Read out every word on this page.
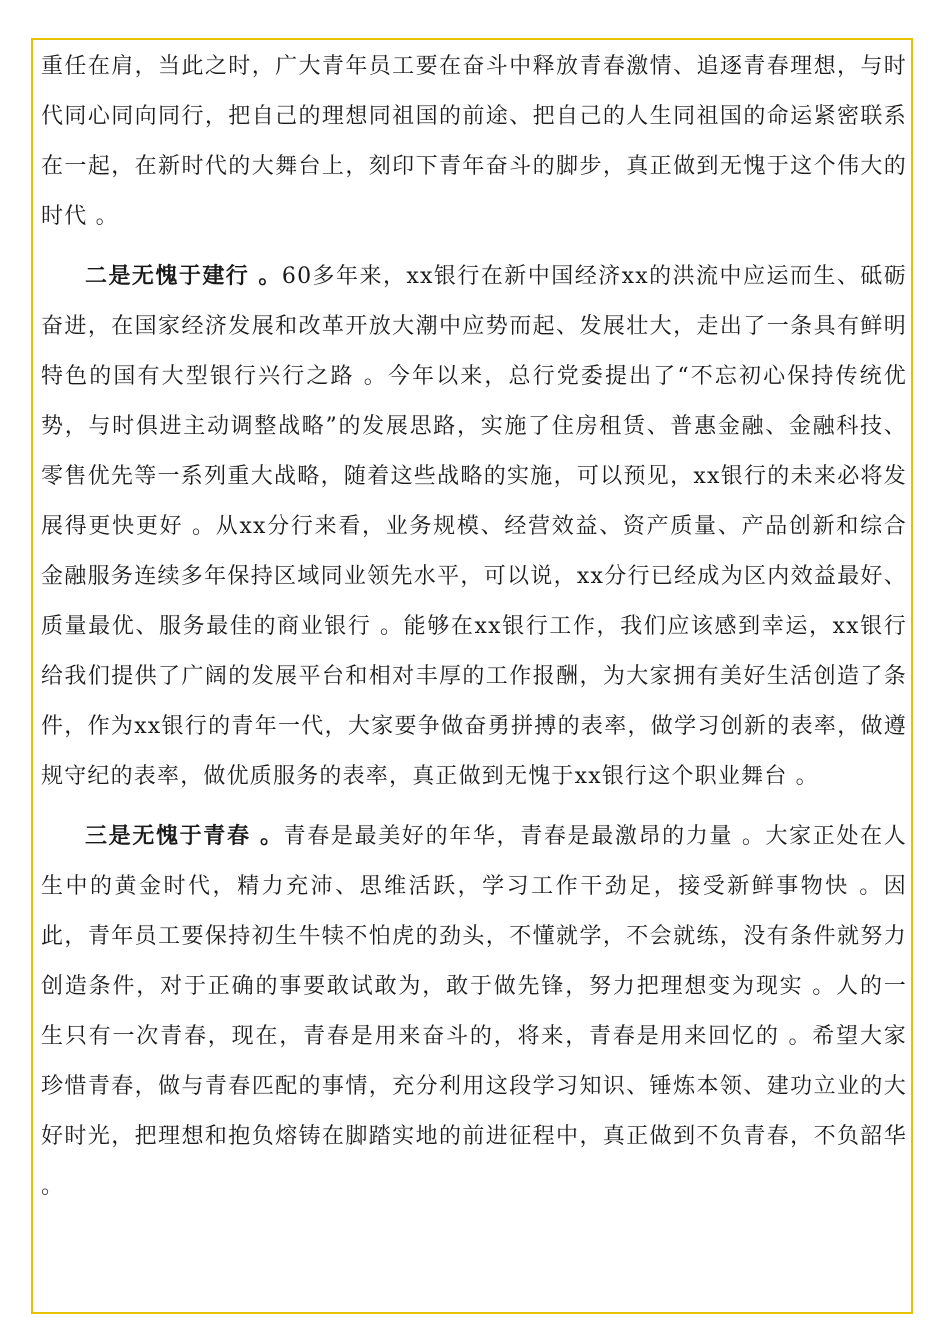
重任在肩，当此之时，广大青年员工要在奋斗中释放青春激情、追逐青春理想，与时代同心同向同行，把自己的理想同祖国的前途、把自己的人生同祖国的命运紧密联系在一起，在新时代的大舞台上，刻印下青年奋斗的脚步，真正做到无愧于这个伟大的时代 。

二是无愧于建行 。60多年来，xx银行在新中国经济xx的洪流中应运而生、砥砺奋进，在国家经济发展和改革开放大潮中应势而起、发展壮大，走出了一条具有鲜明特色的国有大型银行兴行之路 。今年以来，总行党委提出了“不忘初心保持传统优势，与时俱进主动调整战略”的发展思路，实施了住房租赁、普惠金融、金融科技、零售优先等一系列重大战略，随着这些战略的实施，可以预见，xx银行的未来必将发展得更快更好 。从xx分行来看，业务规模、经营效益、资产质量、产品创新和综合金融服务连续多年保持区域同业领先水平，可以说，xx分行已经成为区内效益最好、质量最优、服务最佳的商业银行 。能够在xx银行工作，我们应该感到幸运，xx银行给我们提供了广阔的发展平台和相对丰厚的工作报酬，为大家拥有美好生活创造了条件，作为xx银行的青年一代，大家要争做奋勇拼搏的表率，做学习创新的表率，做遵规守纪的表率，做优质服务的表率，真正做到无愧于xx银行这个职业舞台 。

三是无愧于青春 。青春是最美好的年华，青春是最激昂的力量 。大家正处在人生中的黄金时代，精力充沛、思维活跃，学习工作干劲足，接受新鲜事物快 。因此，青年员工要保持初生牛犊不怕虎的劲头，不懂就学，不会就练，没有条件就努力创造条件，对于正确的事要敢试敢为，敢于做先锋，努力把理想变为现实 。人的一生只有一次青春，现在，青春是用来奋斗的，将来，青春是用来回忆的 。希望大家珍惜青春，做与青春匹配的事情，充分利用这段学习知识、锤炼本领、建功立业的大好时光，把理想和抱负熔铸在脚踏实地的前进征程中，真正做到不负青春，不负韶华 。
